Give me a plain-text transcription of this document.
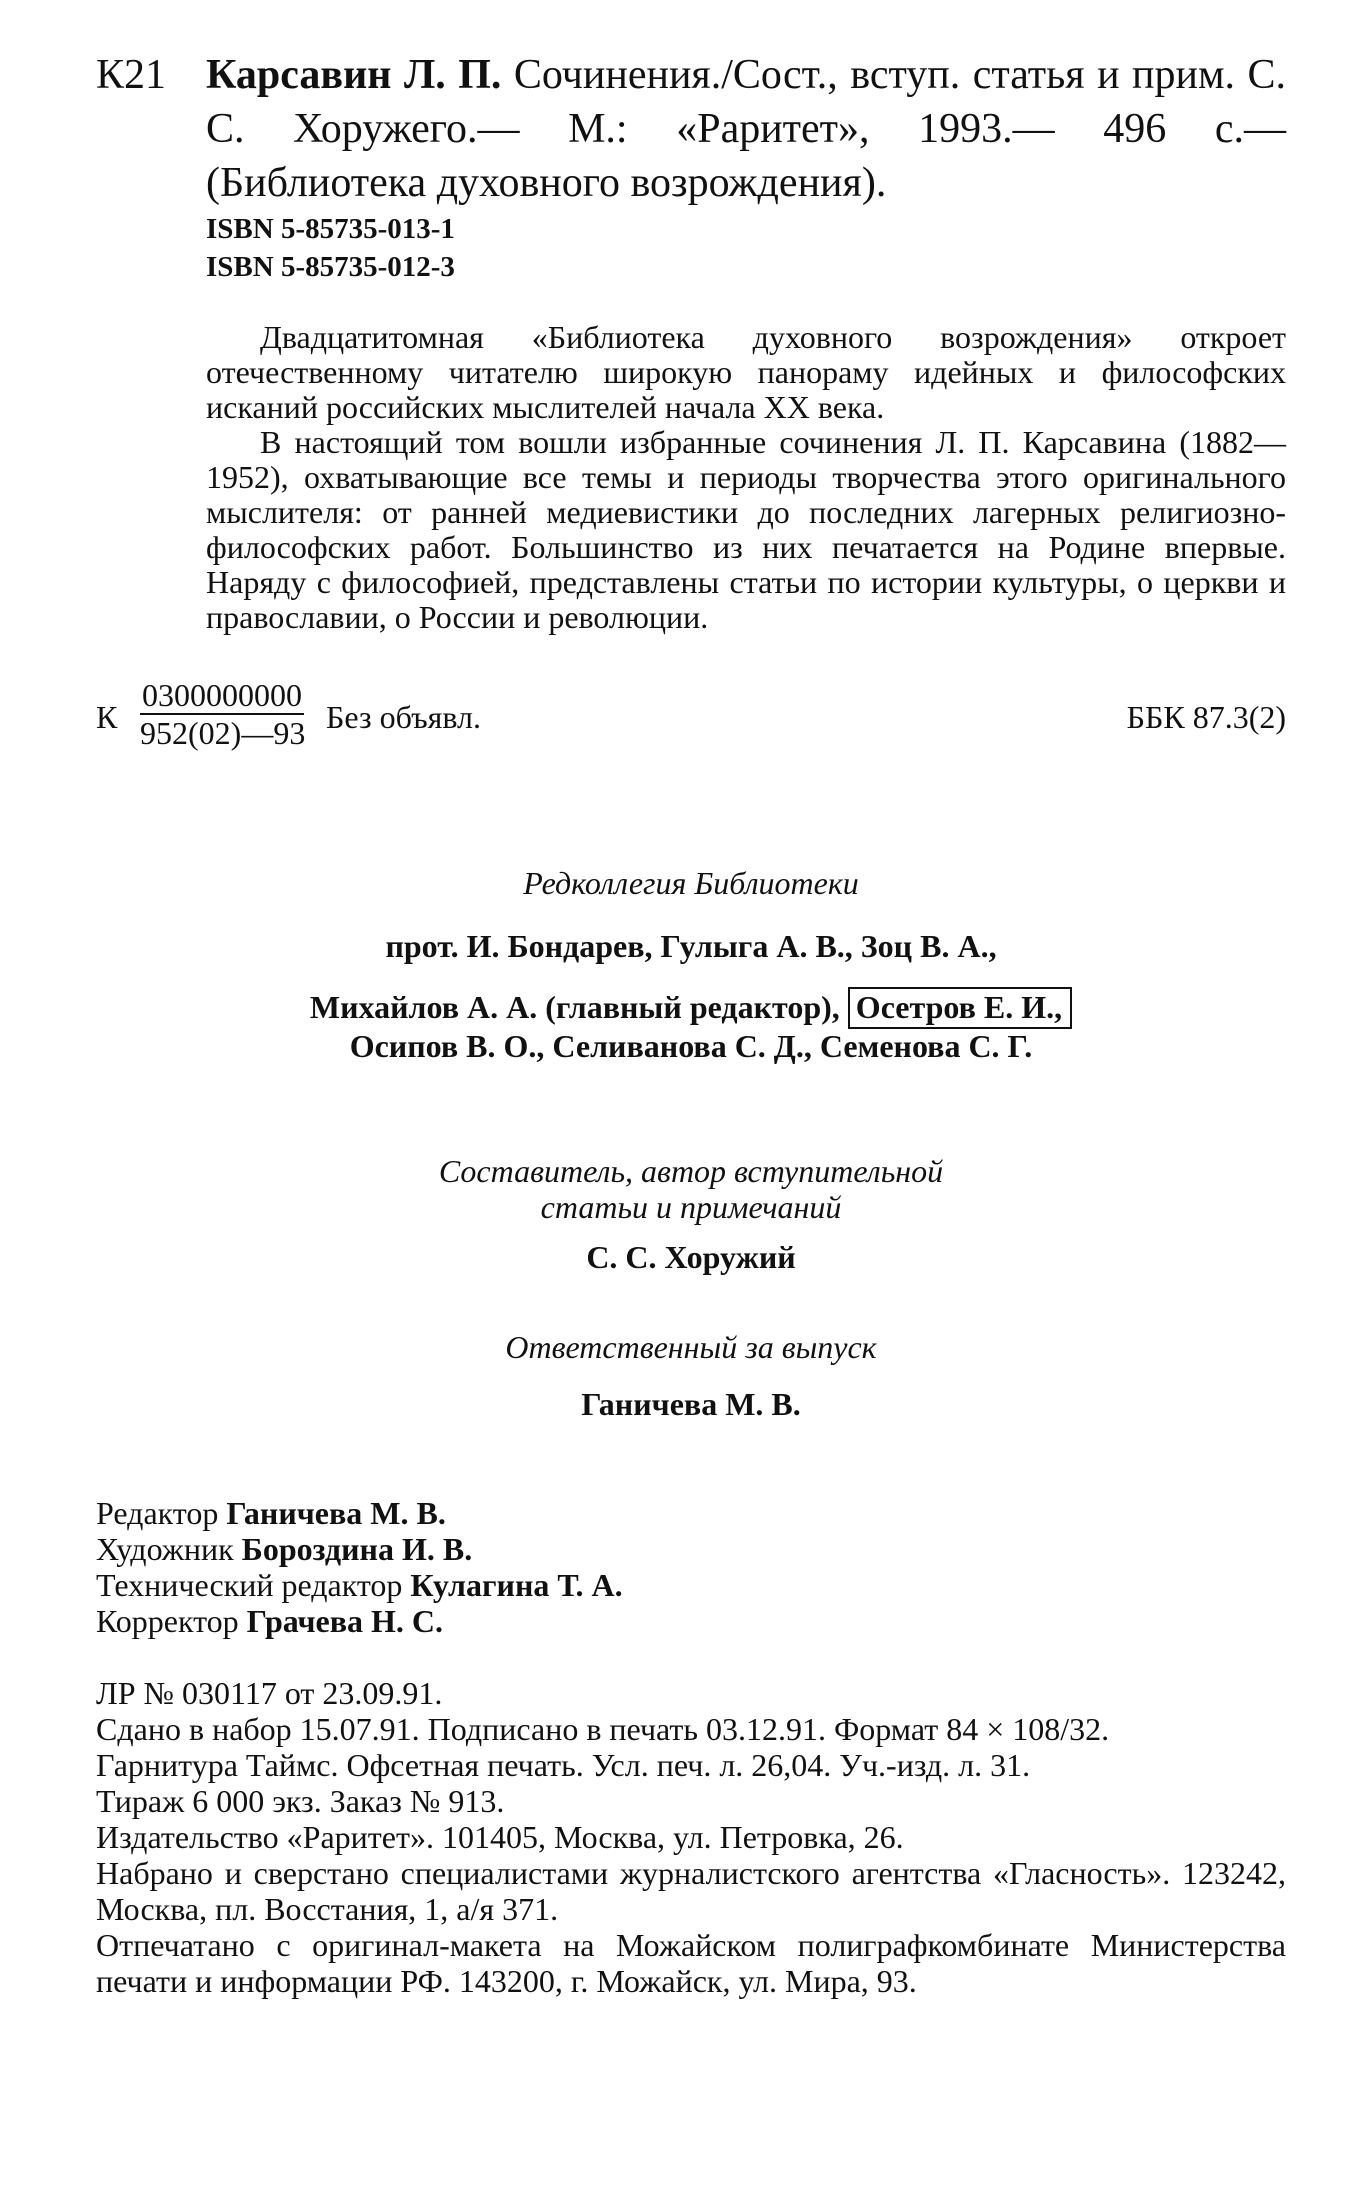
К21 Карсавин Л. П. Сочинения./Сост., вступ. статья и прим. С. С. Хоружего.— М.: «Раритет», 1993.— 496 с.— (Библиотека духовного возрождения).
ISBN 5-85735-013-1
ISBN 5-85735-012-3

Двадцатитомная «Библиотека духовного возрождения» откроет отечественному читателю широкую панораму идейных и философских исканий российских мыслителей начала XX века.

В настоящий том вошли избранные сочинения Л. П. Карсавина (1882—1952), охватывающие все темы и периоды творчества этого оригинального мыслителя: от ранней медиевистики до последних лагерных религиозно-философских работ. Большинство из них печатается на Родине впервые. Наряду с философией, представлены статьи по истории культуры, о церкви и православии, о России и революции.

К $\frac{0300000000}{952(02)—93}$ Без объявл.	ББК 87.3(2)
Редколлегия Библиотеки
прот. И. Бондарев, Гулыга А. В., Зоц В. А.,
Михайлов А. А. (главный редактор), Осетров Е. И.,
Осипов В. О., Селиванова С. Д., Семенова С. Г.
Составитель, автор вступительной
статьи и примечаний
С. С. Хоружий
Ответственный за выпуск
Ганичева М. В.
Редактор Ганичева М. В.
Художник Бороздина И. В.
Технический редактор Кулагина Т. А.
Корректор Грачева Н. С.
ЛР № 030117 от 23.09.91.
Сдано в набор 15.07.91. Подписано в печать 03.12.91. Формат 84 × 108/32.
Гарнитура Таймс. Офсетная печать. Усл. печ. л. 26,04. Уч.-изд. л. 31.
Тираж 6 000 экз. Заказ № 913.
Издательство «Раритет». 101405, Москва, ул. Петровка, 26.
Набрано и сверстано специалистами журналистского агентства «Гласность». 123242, Москва, пл. Восстания, 1, а/я 371.
Отпечатано с оригинал-макета на Можайском полиграфкомбинате Министерства печати и информации РФ. 143200, г. Можайск, ул. Мира, 93.
